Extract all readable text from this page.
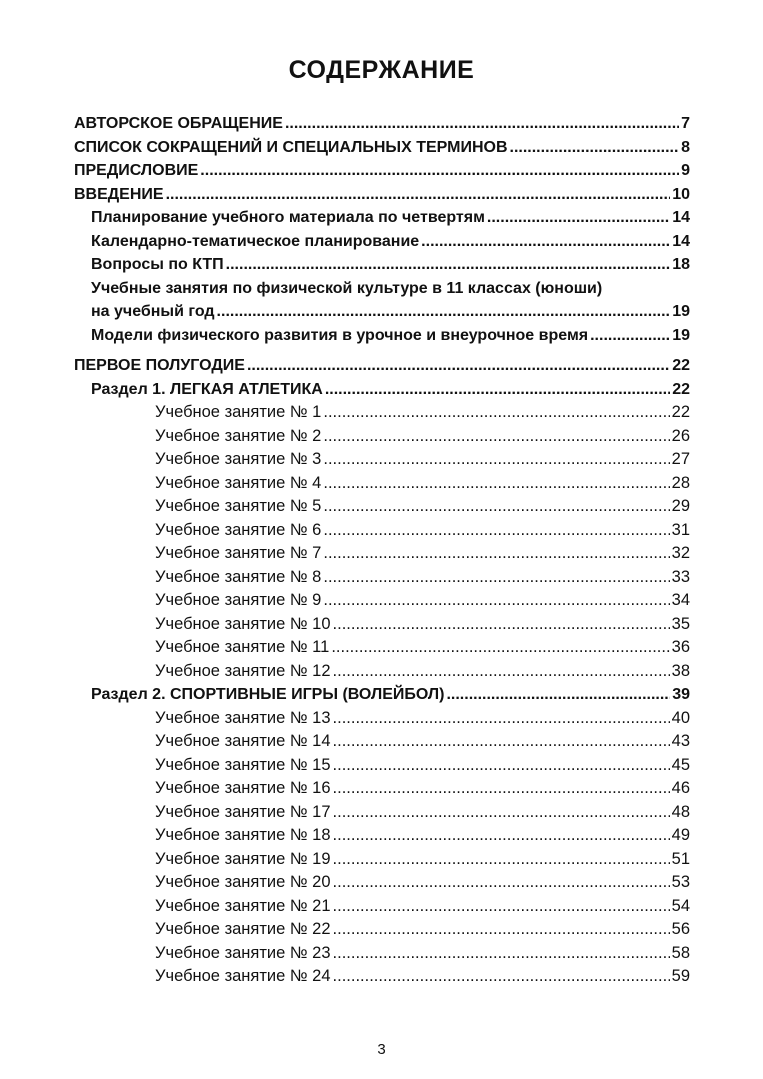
СОДЕРЖАНИЕ
АВТОРСКОЕ ОБРАЩЕНИЕ .....	7
СПИСОК СОКРАЩЕНИЙ И СПЕЦИАЛЬНЫХ ТЕРМИНОВ .....	8
ПРЕДИСЛОВИЕ .....	9
ВВЕДЕНИЕ .....	10
Планирование учебного материала по четвертям .....	14
Календарно-тематическое планирование .....	14
Вопросы по КТП .....	18
Учебные занятия по физической культуре в 11 классах (юноши)
на учебный год .....	19
Модели физического развития в урочное и внеурочное время .....	19
ПЕРВОЕ ПОЛУГОДИЕ .....	22
Раздел 1. ЛЕГКАЯ АТЛЕТИКА .....	22
Учебное занятие № 1 .....	22
Учебное занятие № 2 .....	26
Учебное занятие № 3 .....	27
Учебное занятие № 4 .....	28
Учебное занятие № 5 .....	29
Учебное занятие № 6 .....	31
Учебное занятие № 7 .....	32
Учебное занятие № 8 .....	33
Учебное занятие № 9 .....	34
Учебное занятие № 10 .....	35
Учебное занятие № 11 .....	36
Учебное занятие № 12 .....	38
Раздел 2. СПОРТИВНЫЕ ИГРЫ (ВОЛЕЙБОЛ) .....	39
Учебное занятие № 13 .....	40
Учебное занятие № 14 .....	43
Учебное занятие № 15 .....	45
Учебное занятие № 16 .....	46
Учебное занятие № 17 .....	48
Учебное занятие № 18 .....	49
Учебное занятие № 19 .....	51
Учебное занятие № 20 .....	53
Учебное занятие № 21 .....	54
Учебное занятие № 22 .....	56
Учебное занятие № 23 .....	58
Учебное занятие № 24 .....	59
3
